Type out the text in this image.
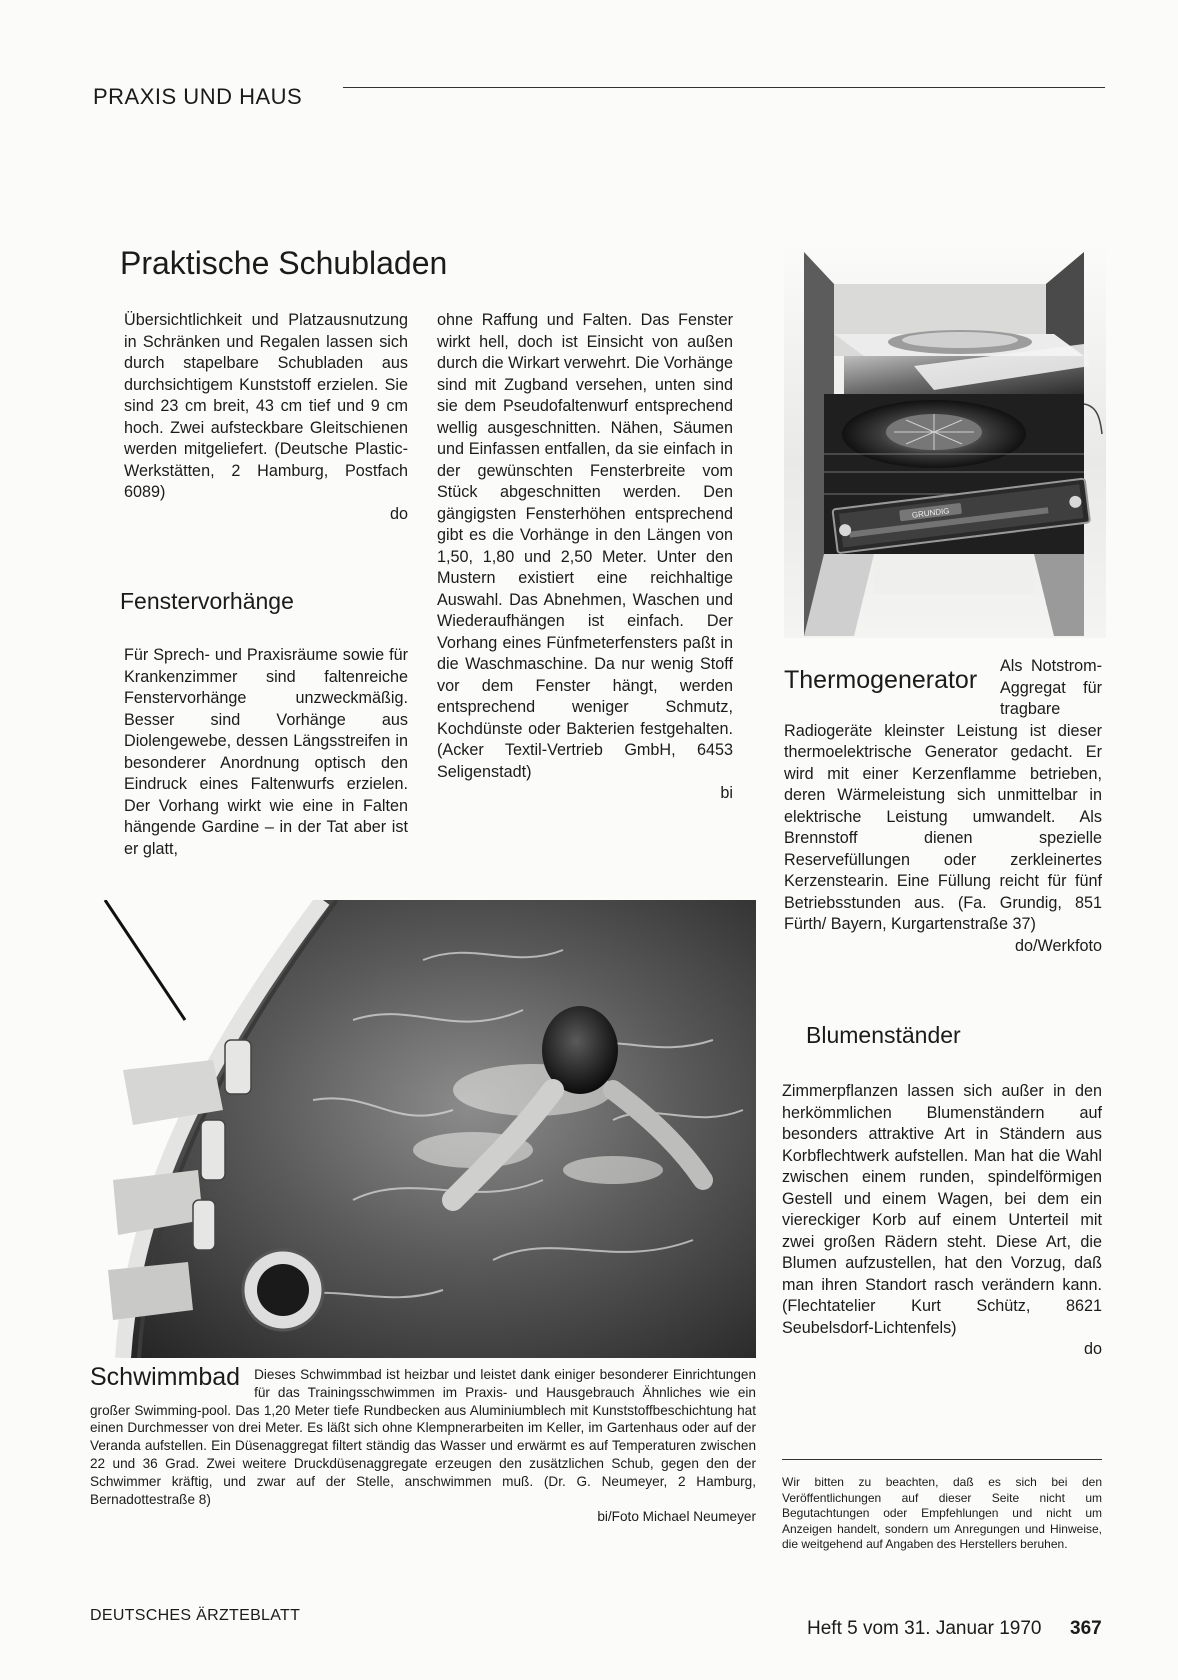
PRAXIS UND HAUS
Praktische Schubladen

Übersichtlichkeit und Platzausnutzung in Schränken und Regalen lassen sich durch stapelbare Schubladen aus durchsichtigem Kunststoff erzielen. Sie sind 23 cm breit, 43 cm tief und 9 cm hoch. Zwei aufsteckbare Gleitschienen werden mitgeliefert. (Deutsche Plastic-Werkstätten, 2 Hamburg, Postfach 6089)

do

Fenstervorhänge

Für Sprech- und Praxisräume sowie für Krankenzimmer sind faltenreiche Fenstervorhänge unzweckmäßig. Besser sind Vorhänge aus Diolengewebe, dessen Längsstreifen in besonderer Anordnung optisch den Eindruck eines Faltenwurfs erzielen. Der Vorhang wirkt wie eine in Falten hängende Gardine – in der Tat aber ist er glatt,

ohne Raffung und Falten. Das Fenster wirkt hell, doch ist Einsicht von außen durch die Wirkart verwehrt. Die Vorhänge sind mit Zugband versehen, unten sind sie dem Pseudofaltenwurf entsprechend wellig ausgeschnitten. Nähen, Säumen und Einfassen entfallen, da sie einfach in der gewünschten Fensterbreite vom Stück abgeschnitten werden. Den gängigsten Fensterhöhen entsprechend gibt es die Vorhänge in den Längen von 1,50, 1,80 und 2,50 Meter. Unter den Mustern existiert eine reichhaltige Auswahl. Das Abnehmen, Waschen und Wiederaufhängen ist einfach. Der Vorhang eines Fünfmeterfensters paßt in die Waschmaschine. Da nur wenig Stoff vor dem Fenster hängt, werden entsprechend weniger Schmutz, Kochdünste oder Bakterien festgehalten. (Acker Textil-Vertrieb GmbH, 6453 Seligenstadt)

bi

GRUNDIG
Thermogenerator	Als Notstrom-Aggregat für tragbare Radiogeräte kleinster Leistung ist dieser thermoelektrische Generator gedacht. Er wird mit einer Kerzenflamme betrieben, deren Wärmeleistung sich unmittelbar in elektrische Leistung umwandelt. Als Brennstoff dienen spezielle Reservefüllungen oder zerkleinertes Kerzenstearin. Eine Füllung reicht für fünf Betriebsstunden aus. (Fa. Grundig, 851 Fürth/ Bayern, Kurgartenstraße 37)

do/Werkfoto

Schwimmbad Dieses Schwimmbad ist heizbar und leistet dank einiger besonderer Einrichtungen für das Trainingsschwimmen im Praxis- und Hausgebrauch Ähnliches wie ein großer Swimming-pool. Das 1,20 Meter tiefe Rundbecken aus Aluminiumblech mit Kunststoffbeschichtung hat einen Durchmesser von drei Meter. Es läßt sich ohne Klempnerarbeiten im Keller, im Gartenhaus oder auf der Veranda aufstellen. Ein Düsenaggregat filtert ständig das Wasser und erwärmt es auf Temperaturen zwischen 22 und 36 Grad. Zwei weitere Druckdüsenaggregate erzeugen den zusätzlichen Schub, gegen den der Schwimmer kräftig, und zwar auf der Stelle, anschwimmen muß. (Dr. G. Neumeyer, 2 Hamburg, Bernadottestraße 8)
bi/Foto Michael Neumeyer
Blumenständer

Zimmerpflanzen lassen sich außer in den herkömmlichen Blumenständern auf besonders attraktive Art in Ständern aus Korbflechtwerk aufstellen. Man hat die Wahl zwischen einem runden, spindelförmigen Gestell und einem Wagen, bei dem ein viereckiger Korb auf einem Unterteil mit zwei großen Rädern steht. Diese Art, die Blumen aufzustellen, hat den Vorzug, daß man ihren Standort rasch verändern kann. (Flechtatelier Kurt Schütz, 8621 Seubelsdorf-Lichtenfels)

do

Wir bitten zu beachten, daß es sich bei den Veröffentlichungen auf dieser Seite nicht um Begutachtungen oder Empfehlungen und nicht um Anzeigen handelt, sondern um Anregungen und Hinweise, die weitgehend auf Angaben des Herstellers beruhen.
DEUTSCHES ÄRZTEBLATT
Heft 5 vom 31. Januar 1970 367
